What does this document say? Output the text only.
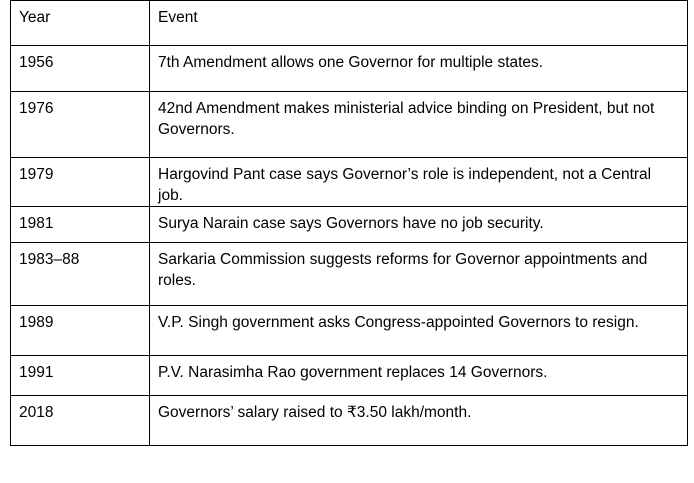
Year	Event
1956	7th Amendment allows one Governor for multiple states.
1976	42nd Amendment makes ministerial advice binding on President, but not Governors.
1979	Hargovind Pant case says Governor’s role is independent, not a Central job.
1981	Surya Narain case says Governors have no job security.
1983–88	Sarkaria Commission suggests reforms for Governor appointments and roles.
1989	V.P. Singh government asks Congress-appointed Governors to resign.
1991	P.V. Narasimha Rao government replaces 14 Governors.
2018	Governors’ salary raised to ₹3.50 lakh/month.
